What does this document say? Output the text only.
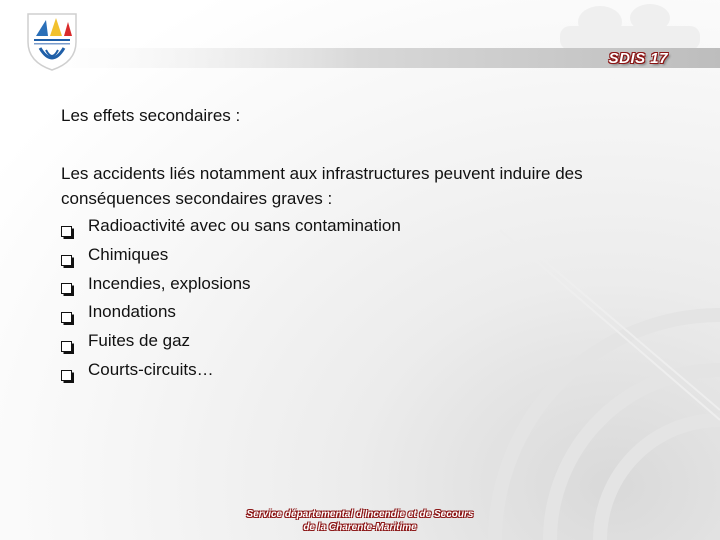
SDIS 17
Les effets secondaires :

Les accidents liés notamment aux infrastructures peuvent induire des conséquences secondaires graves :

Radioactivité avec ou sans contamination
Chimiques
Incendies, explosions
Inondations
Fuites de gaz
Courts-circuits…
Service départemental d'Incendie et de Secours
de la Charente-Maritime
